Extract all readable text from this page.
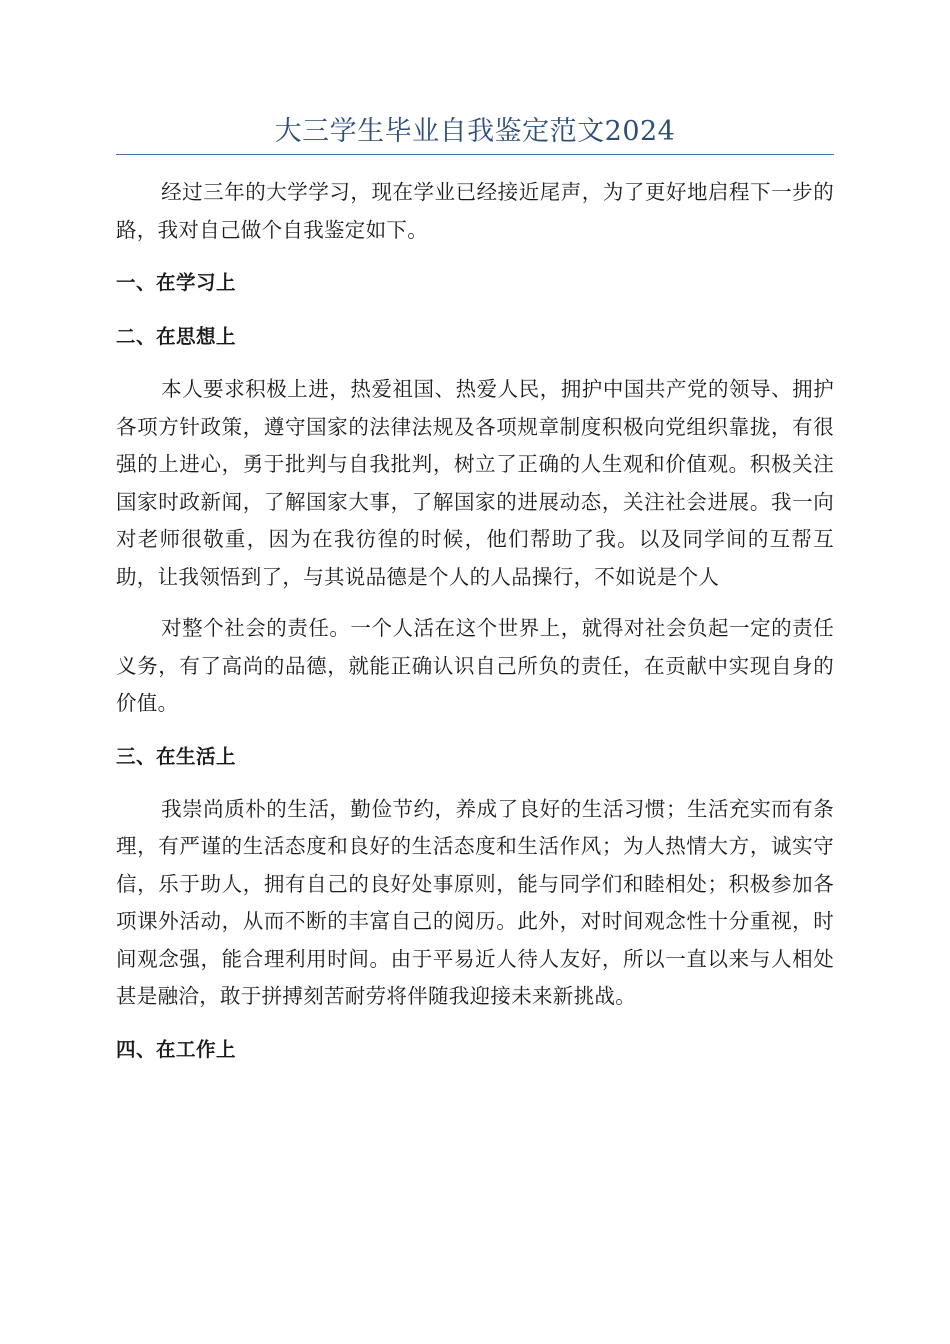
大三学生毕业自我鉴定范文2024

经过三年的大学学习，现在学业已经接近尾声，为了更好地启程下一步的路，我对自己做个自我鉴定如下。

一、在学习上
二、在思想上

本人要求积极上进，热爱祖国、热爱人民，拥护中国共产党的领导、拥护各项方针政策，遵守国家的法律法规及各项规章制度积极向党组织靠拢，有很强的上进心，勇于批判与自我批判，树立了正确的人生观和价值观。积极关注国家时政新闻，了解国家大事，了解国家的进展动态，关注社会进展。我一向对老师很敬重，因为在我彷徨的时候，他们帮助了我。以及同学间的互帮互助，让我领悟到了，与其说品德是个人的人品操行，不如说是个人

对整个社会的责任。一个人活在这个世界上，就得对社会负起一定的责任义务，有了高尚的品德，就能正确认识自己所负的责任，在贡献中实现自身的价值。

三、在生活上

我崇尚质朴的生活，勤俭节约，养成了良好的生活习惯；生活充实而有条理，有严谨的生活态度和良好的生活态度和生活作风；为人热情大方，诚实守信，乐于助人，拥有自己的良好处事原则，能与同学们和睦相处；积极参加各项课外活动，从而不断的丰富自己的阅历。此外，对时间观念性十分重视，时间观念强，能合理利用时间。由于平易近人待人友好，所以一直以来与人相处甚是融洽，敢于拼搏刻苦耐劳将伴随我迎接未来新挑战。

四、在工作上
